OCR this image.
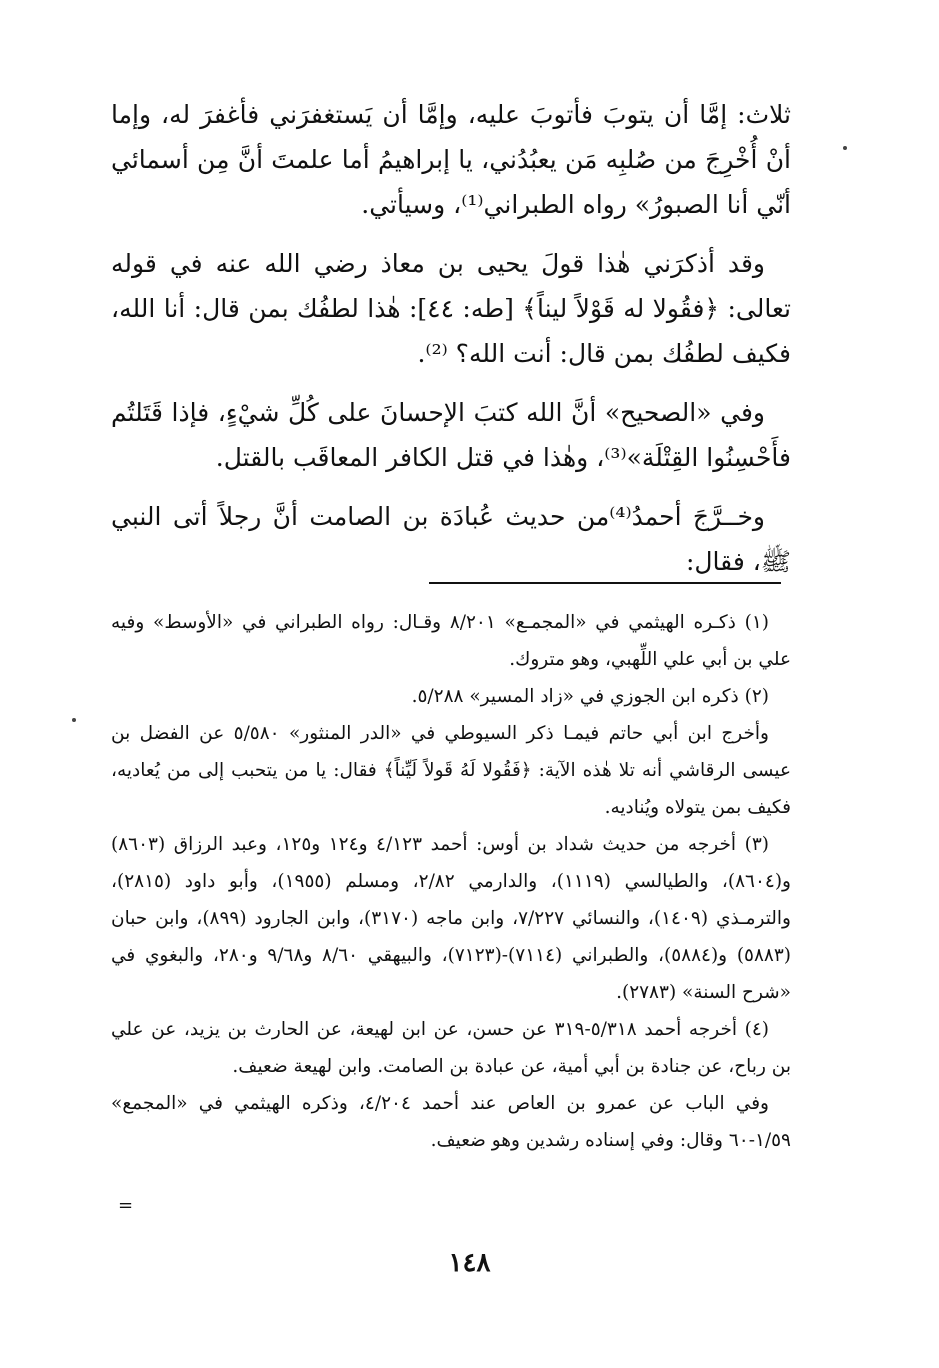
ثلاث: إمَّا أن يتوبَ فأتوبَ عليه، وإمَّا أن يَستغفرَني فأغفرَ له، وإما أنْ أُخْرِجَ من صُلبِه مَن يعبُدُني، يا إبراهيمُ أما علمتَ أنَّ مِن أسمائي أنّي أنا الصبورُ» رواه الطبراني⁽¹⁾، وسيأتي.

وقد أذكرَني هٰذا قولَ يحيى بن معاذ رضي الله عنه في قوله تعالى: ﴿فقُولا له قَوْلاً ليناً﴾ [طه: ٤٤]: هٰذا لطفُك بمن قال: أنا الله، فكيف لطفُك بمن قال: أنت الله؟ ⁽²⁾.

وفي «الصحيح» أنَّ الله كتبَ الإحسانَ على كُلِّ شيْءٍ، فإذا قَتَلتُم فأَحْسِنُوا القِتْلَة»⁽³⁾، وهٰذا في قتل الكافر المعاقَب بالقتل.

وخــرَّجَ أحمدُ⁽⁴⁾من حديث عُبادَة بن الصامت أنَّ رجلاً أتى النبي ﷺ، فقال:

(١) ذكـره الهيثمي في «المجمـع» ٨/٢٠١ وقـال: رواه الطبراني في «الأوسط» وفيه علي بن أبي علي اللِّهبي، وهو متروك.

(٢) ذكره ابن الجوزي في «زاد المسير» ٥/٢٨٨.

وأخرج ابن أبي حاتم فيمـا ذكر السيوطي في «الدر المنثور» ٥/٥٨٠ عن الفضل بن عيسى الرقاشي أنه تلا هٰذه الآية: ﴿فَقُولا لَهُ قَولاً لَيِّناً﴾ فقال: يا من يتحبب إلى من يُعاديه، فكيف بمن يتولاه ويُناديه.

(٣) أخرجه من حديث شداد بن أوس: أحمد ٤/١٢٣ و١٢٤ و١٢٥، وعبد الرزاق (٨٦٠٣) و(٨٦٠٤)، والطيالسي (١١١٩)، والدارمي ٢/٨٢، ومسلم (١٩٥٥)، وأبو داود (٢٨١٥)، والترمـذي (١٤٠٩)، والنسائي ٧/٢٢٧، وابن ماجه (٣١٧٠)، وابن الجارود (٨٩٩)، وابن حبان (٥٨٨٣) و(٥٨٨٤)، والطبراني (٧١١٤)-(٧١٢٣)، والبيهقي ٨/٦٠ و٩/٦٨ و٢٨٠، والبغوي في «شرح السنة» (٢٧٨٣).

(٤) أخرجه أحمد ٥/٣١٨-٣١٩ عن حسن، عن ابن لهيعة، عن الحارث بن يزيد، عن علي بن رباح، عن جنادة بن أبي أمية، عن عبادة بن الصامت. وابن لهيعة ضعيف.

وفي الباب عن عمرو بن العاص عند أحمد ٤/٢٠٤، وذكره الهيثمي في «المجمع» ١/٥٩-٦٠ وقال: وفي إسناده رشدين وهو ضعيف.

=
١٤٨
